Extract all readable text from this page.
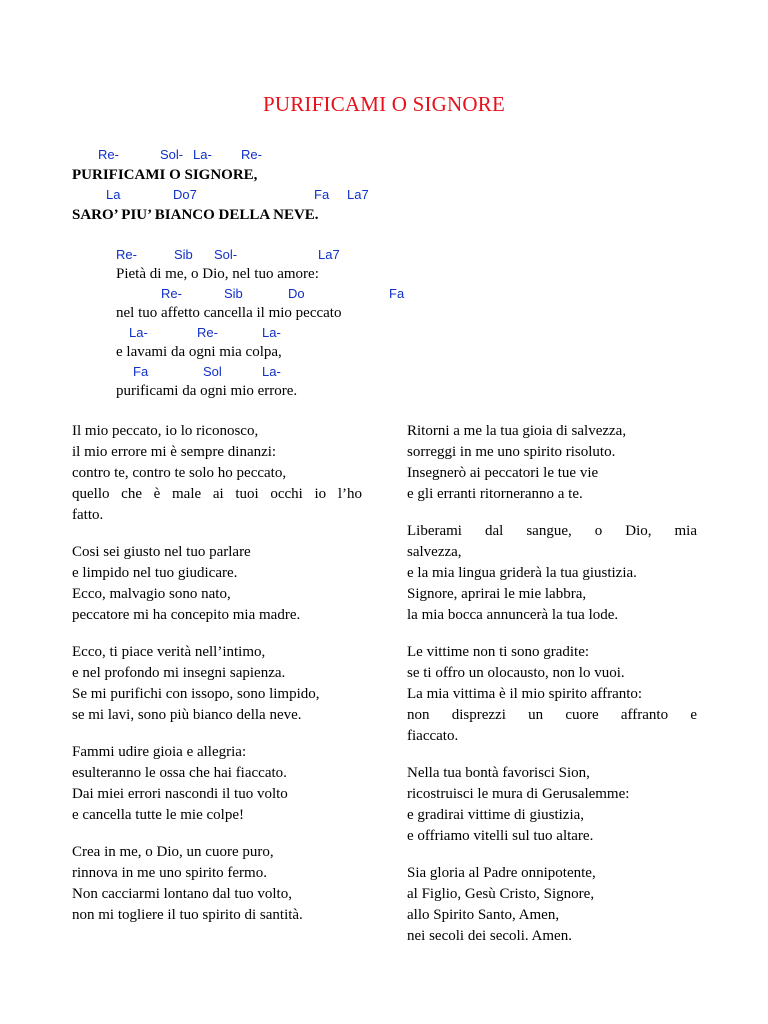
PURIFICAMI O SIGNORE

Re-

	Sol-

La-

Re-

PURIFICAMI O SIGNORE,

La

	Do7

	Fa

La7

SARO’ PIU’ BIANCO DELLA NEVE.

Re-

	Sib

Sol-

	La7

Pietà di me, o Dio, nel tuo amore:

Re-

	Sib

	Do

	Fa

nel tuo affetto cancella il mio peccato

La-

	Re-

	La-

e lavami da ogni mia colpa,

Fa

	Sol

	La-

purificami da ogni mio errore.
Il mio peccato, io lo riconosco,
il mio errore mi è sempre dinanzi:
contro te, contro te solo ho peccato,
quello che è male ai tuoi occhi io l’ho
fatto.
Cosi sei giusto nel tuo parlare
e limpido nel tuo giudicare.
Ecco, malvagio sono nato,
peccatore mi ha concepito mia madre.
Ecco, ti piace verità nell’intimo,
e nel profondo mi insegni sapienza.
Se mi purifichi con issopo, sono limpido,
se mi lavi, sono più bianco della neve.
Fammi udire gioia e allegria:
esulteranno le ossa che hai fiaccato.
Dai miei errori nascondi il tuo volto
e cancella tutte le mie colpe!
Crea in me, o Dio, un cuore puro,
rinnova in me uno spirito fermo.
Non cacciarmi lontano dal tuo volto,
non mi togliere il tuo spirito di santità.
Ritorni a me la tua gioia di salvezza,
sorreggi in me uno spirito risoluto.
Insegnerò ai peccatori le tue vie
e gli erranti ritorneranno a te.
Liberami dal sangue, o Dio, mia
salvezza,
e la mia lingua griderà la tua giustizia.
Signore, aprirai le mie labbra,
la mia bocca annuncerà la tua lode.
Le vittime non ti sono gradite:
se ti offro un olocausto, non lo vuoi.
La mia vittima è il mio spirito affranto:
non disprezzi un cuore affranto e
fiaccato.
Nella tua bontà favorisci Sion,
ricostruisci le mura di Gerusalemme:
e gradirai vittime di giustizia,
e offriamo vitelli sul tuo altare.
Sia gloria al Padre onnipotente,
al Figlio, Gesù Cristo, Signore,
allo Spirito Santo, Amen,
nei secoli dei secoli. Amen.
